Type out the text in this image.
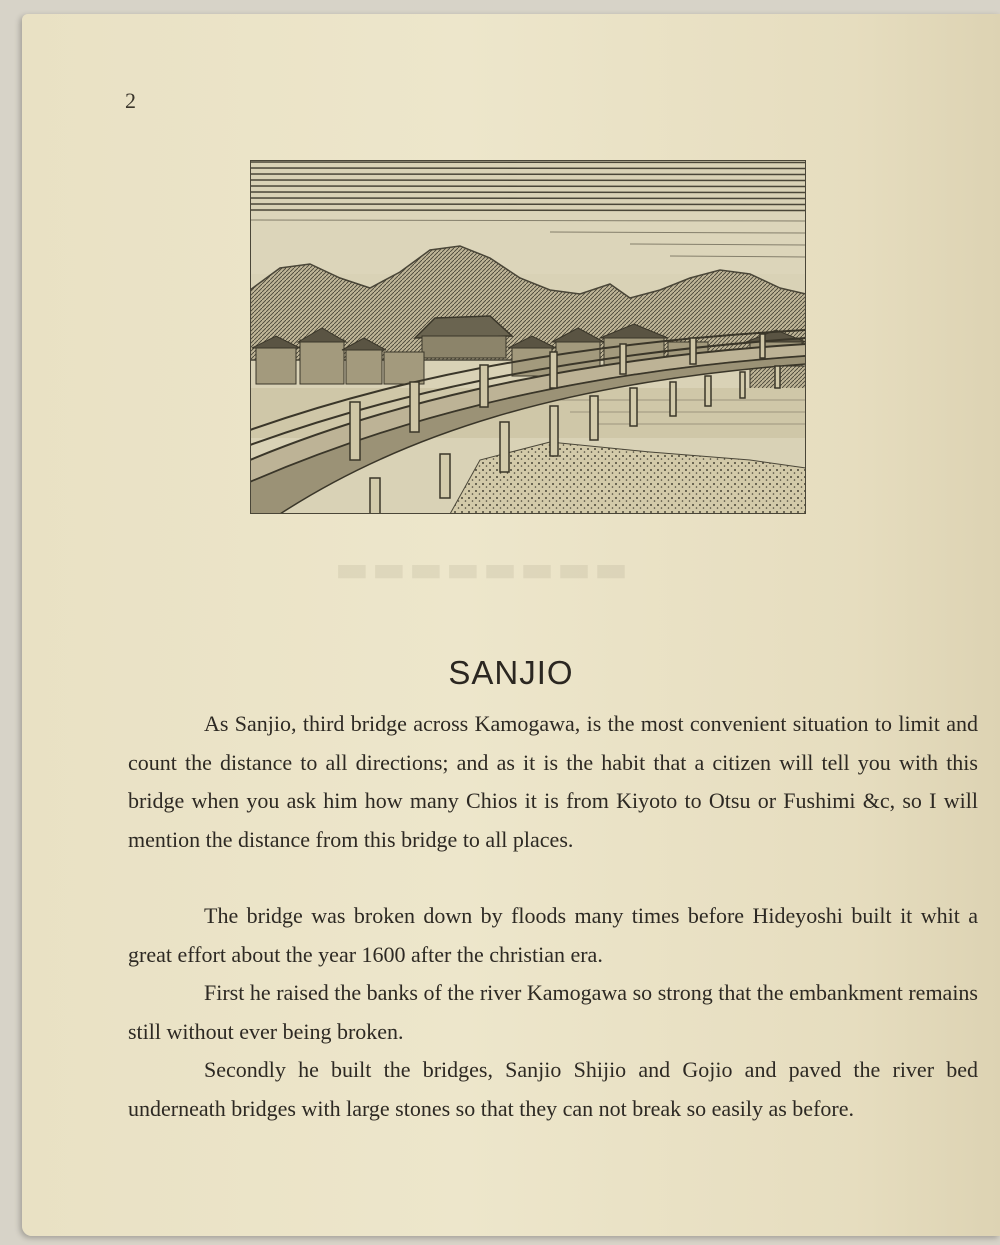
▬▬▬▬▬▬▬▬
2
SANJIO

As Sanjio, third bridge across Kamogawa, is the most convenient situation to limit and count the distance to all directions; and as it is the habit that a citizen will tell you with this bridge when you ask him how many Chios it is from Kiyoto to Otsu or Fushimi &c, so I will mention the distance from this bridge to all places.

The bridge was broken down by floods many times before Hideyoshi built it whit a great effort about the year 1600 after the christian era.

First he raised the banks of the river Kamogawa so strong that the embankment remains still without ever being broken.

Secondly he built the bridges, Sanjio Shijio and Gojio and paved the river bed underneath bridges with large stones so that they can not break so easily as before.
